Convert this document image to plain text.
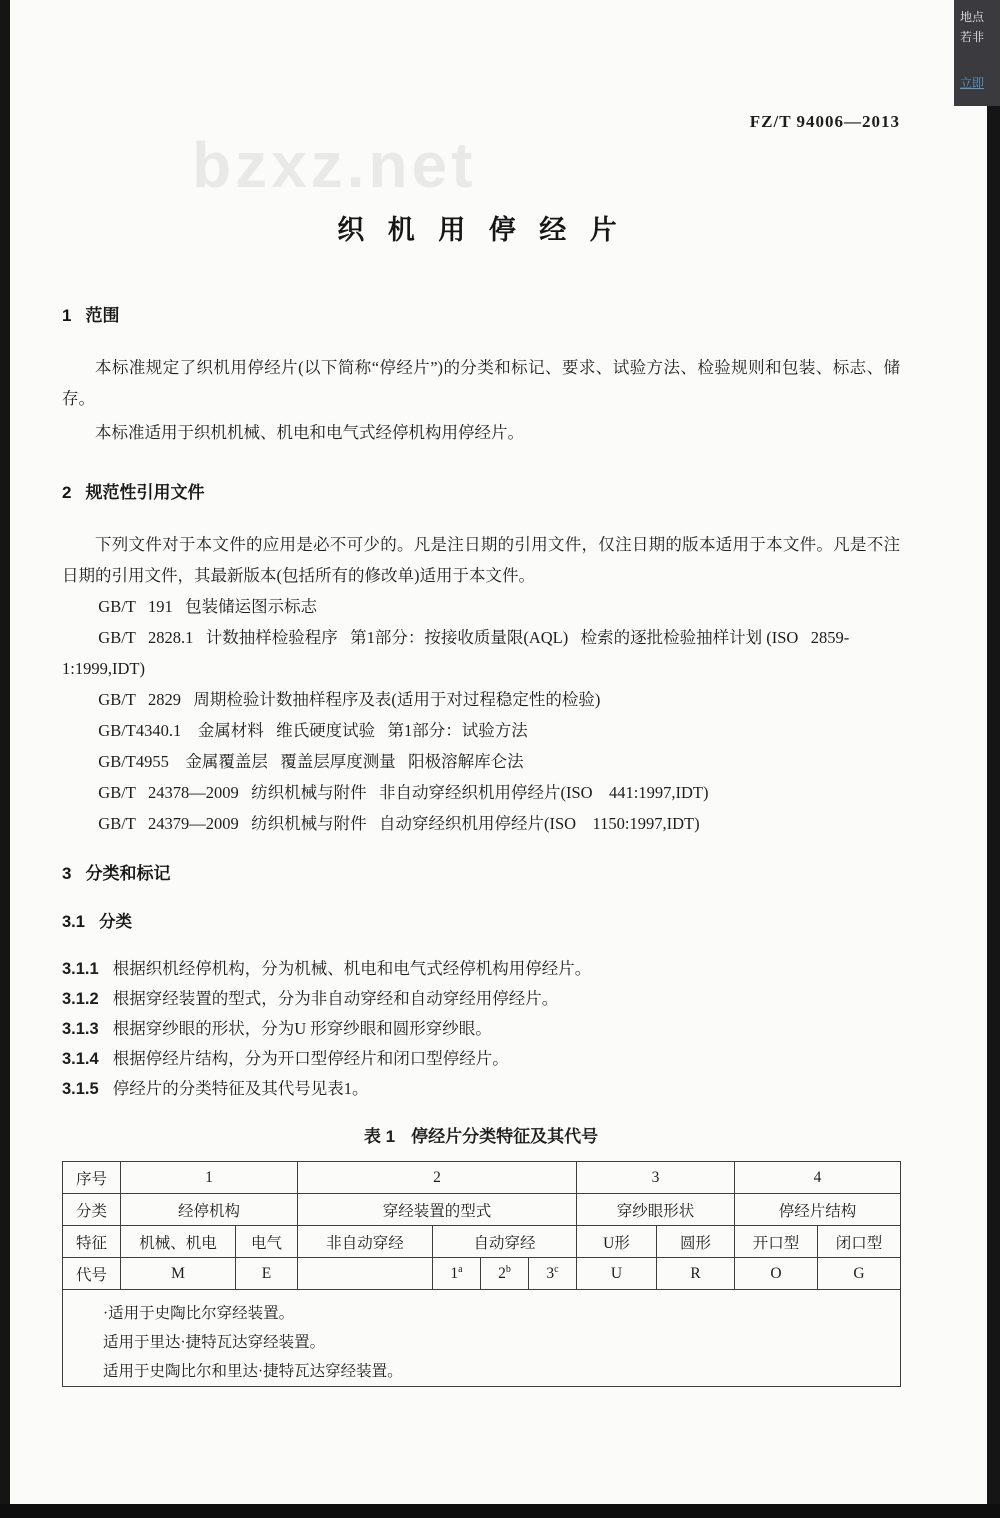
地点
若非
立即
bzxz.net
FZ/T 94006—2013
织 机 用 停 经 片
1 范围

本标准规定了织机用停经片(以下简称“停经片”)的分类和标记、要求、试验方法、检验规则和包装、标志、储存。

本标准适用于织机机械、机电和电气式经停机构用停经片。

2 规范性引用文件

下列文件对于本文件的应用是必不可少的。凡是注日期的引用文件，仅注日期的版本适用于本文件。凡是不注日期的引用文件，其最新版本(包括所有的修改单)适用于本文件。

GB/T   191   包装储运图示标志

GB/T   2828.1   计数抽样检验程序   第1部分：按接收质量限(AQL)   检索的逐批检验抽样计划 (ISO   2859-1:1999,IDT)

GB/T   2829   周期检验计数抽样程序及表(适用于对过程稳定性的检验)

GB/T4340.1    金属材料   维氏硬度试验   第1部分：试验方法

GB/T4955    金属覆盖层   覆盖层厚度测量   阳极溶解库仑法

GB/T   24378—2009   纺织机械与附件   非自动穿经织机用停经片(ISO    441:1997,IDT)

GB/T   24379—2009   纺织机械与附件   自动穿经织机用停经片(ISO    1150:1997,IDT)

3 分类和标记
3.1 分类
3.1.1 根据织机经停机构，分为机械、机电和电气式经停机构用停经片。
3.1.2 根据穿经装置的型式，分为非自动穿经和自动穿经用停经片。
3.1.3 根据穿纱眼的形状，分为U 形穿纱眼和圆形穿纱眼。
3.1.4 根据停经片结构，分为开口型停经片和闭口型停经片。
3.1.5 停经片的分类特征及其代号见表1。
表 1 停经片分类特征及其代号
序号	1		2				3		4	
分类	经停机构		穿经装置的型式				穿纱眼形状		停经片结构	
特征	机械、机电	电气	非自动穿经	自动穿经			U形	圆形	开口型	闭口型
代号	M	E		1$^a$	2$^b$	3$^c$	U	R	O	G

·适用于史陶比尔穿经装置。
适用于里达·捷特瓦达穿经装置。
适用于史陶比尔和里达·捷特瓦达穿经装置。										
